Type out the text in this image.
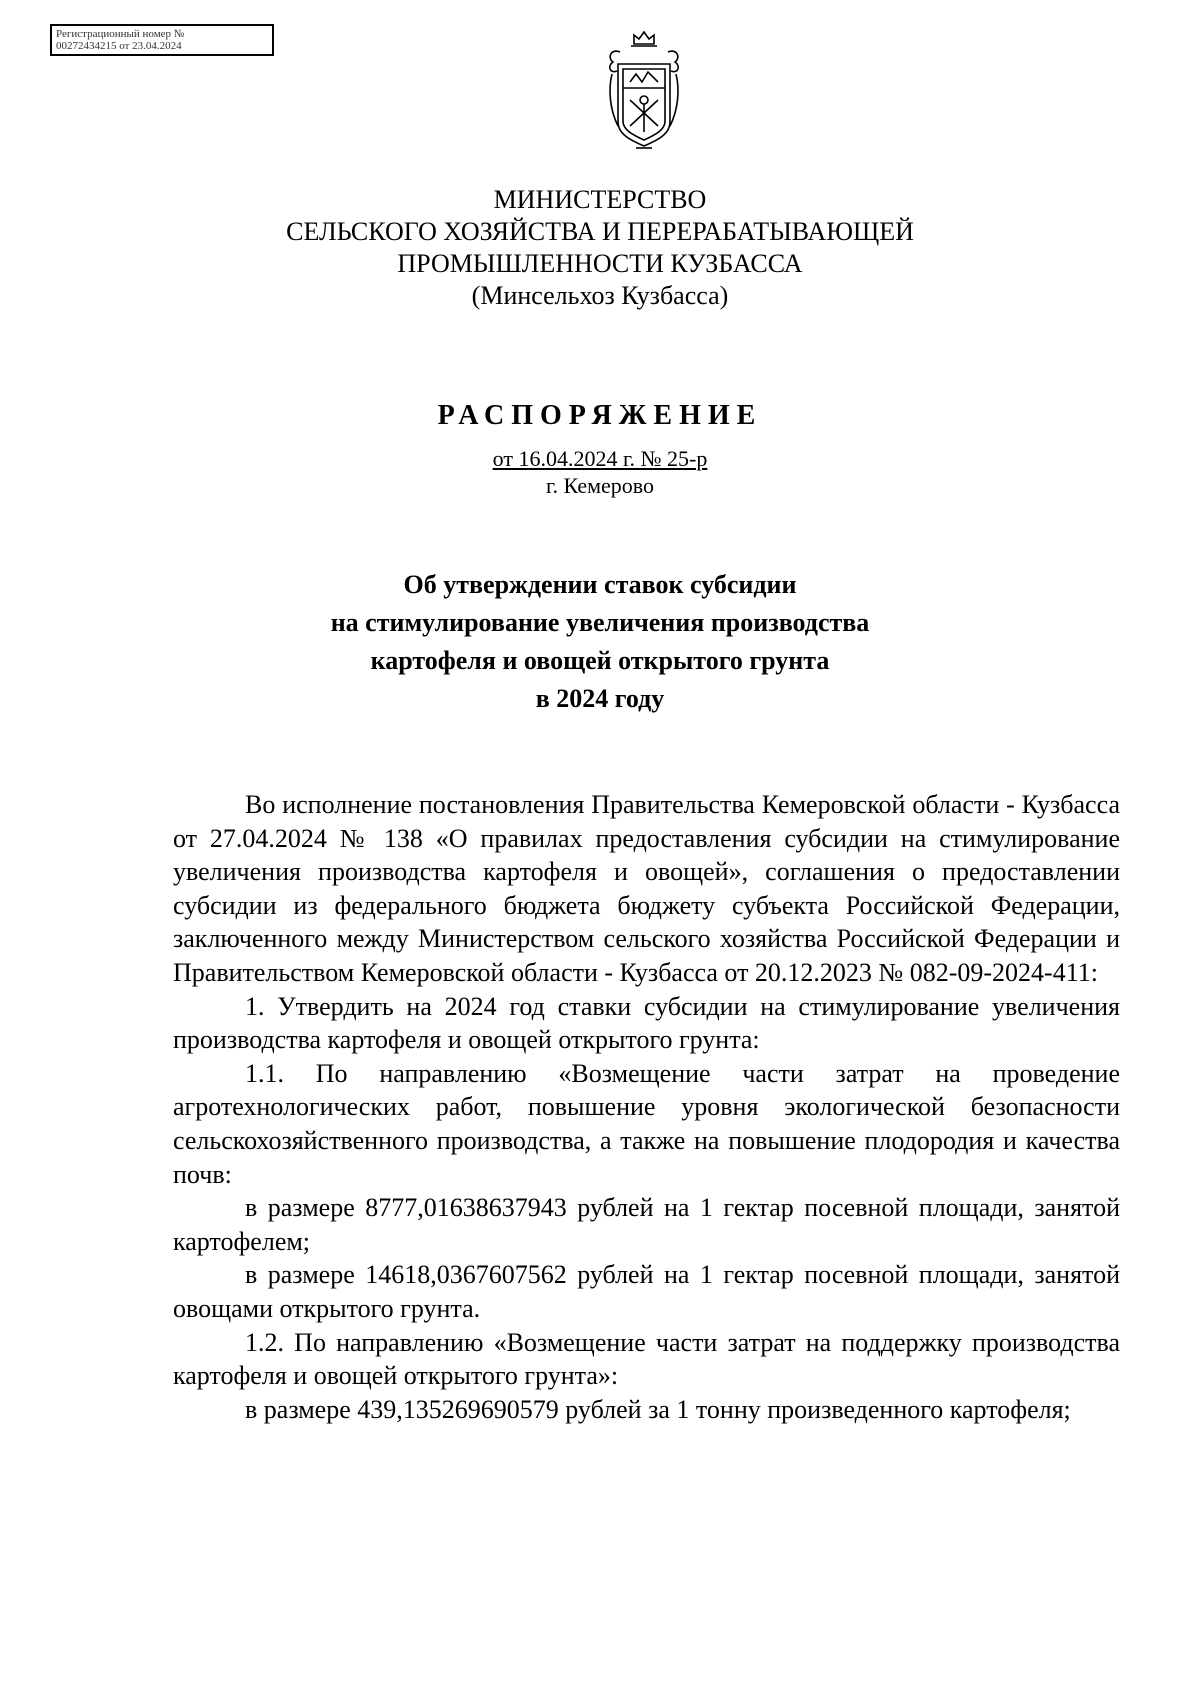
Регистрационный номер №
00272434215 от 23.04.2024
МИНИСТЕРСТВО
СЕЛЬСКОГО ХОЗЯЙСТВА И ПЕРЕРАБАТЫВАЮЩЕЙ
ПРОМЫШЛЕННОСТИ КУЗБАССА
(Минсельхоз Кузбасса)
РАСПОРЯЖЕНИЕ
от 16.04.2024 г. № 25-р
г. Кемерово
Об утверждении ставок субсидии
на стимулирование увеличения производства
картофеля и овощей открытого грунта
в 2024 году

Во исполнение постановления Правительства Кемеровской области - Кузбасса от 27.04.2024 № 138 «О правилах предоставления субсидии на стимулирование увеличения производства картофеля и овощей», соглашения о предоставлении субсидии из федерального бюджета бюджету субъекта Российской Федерации, заключенного между Министерством сельского хозяйства Российской Федерации и Правительством Кемеровской области - Кузбасса от 20.12.2023 № 082-09-2024-411:

1. Утвердить на 2024 год ставки субсидии на стимулирование увеличения производства картофеля и овощей открытого грунта:

1.1. По направлению «Возмещение части затрат на проведение агротехнологических работ, повышение уровня экологической безопасности сельскохозяйственного производства, а также на повышение плодородия и качества почв:

в размере 8777,01638637943 рублей на 1 гектар посевной площади, занятой картофелем;

в размере 14618,0367607562 рублей на 1 гектар посевной площади, занятой овощами открытого грунта.

1.2. По направлению «Возмещение части затрат на поддержку производства картофеля и овощей открытого грунта»:

в размере 439,135269690579 рублей за 1 тонну произведенного картофеля;
